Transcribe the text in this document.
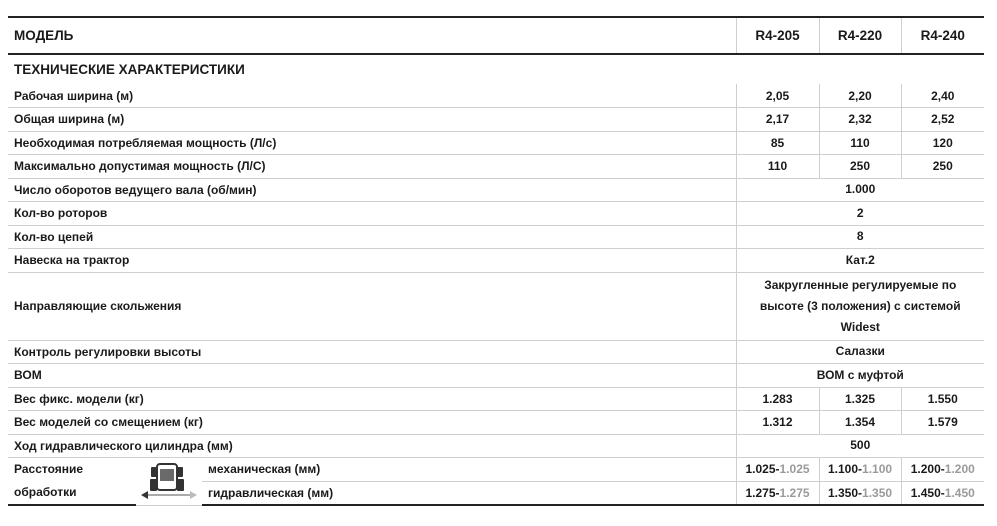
МОДЕЛЬ			R4-205	R4-220	R4-240
ТЕХНИЧЕСКИЕ ХАРАКТЕРИСТИКИ					
Рабочая ширина (м)			2,05	2,20	2,40
Общая ширина (м)			2,17	2,32	2,52
Необходимая потребляемая мощность (Л/с)			85	110	120
Максимально допустимая мощность (Л/С)			110	250	250
Число оборотов ведущего вала (об/мин)			1.000		
Кол-во роторов			2		
Кол-во цепей			8		
Навеска на трактор			Кат.2		
Направляющие скольжения			Закругленные регулируемые по высоте (3 положения) с системой Widest		
Контроль регулировки высоты			Салазки		
ВОМ			ВОМ с муфтой		
Вес фикс. модели (кг)			1.283	1.325	1.550
Вес моделей со смещением (кг)			1.312	1.354	1.579
Ход гидравлического цилиндра (мм)			500		
Расстояние		механическая (мм)	1.025-1.025	1.100-1.100	1.200-1.200
обработки		гидравлическая (мм)	1.275-1.275	1.350-1.350	1.450-1.450
